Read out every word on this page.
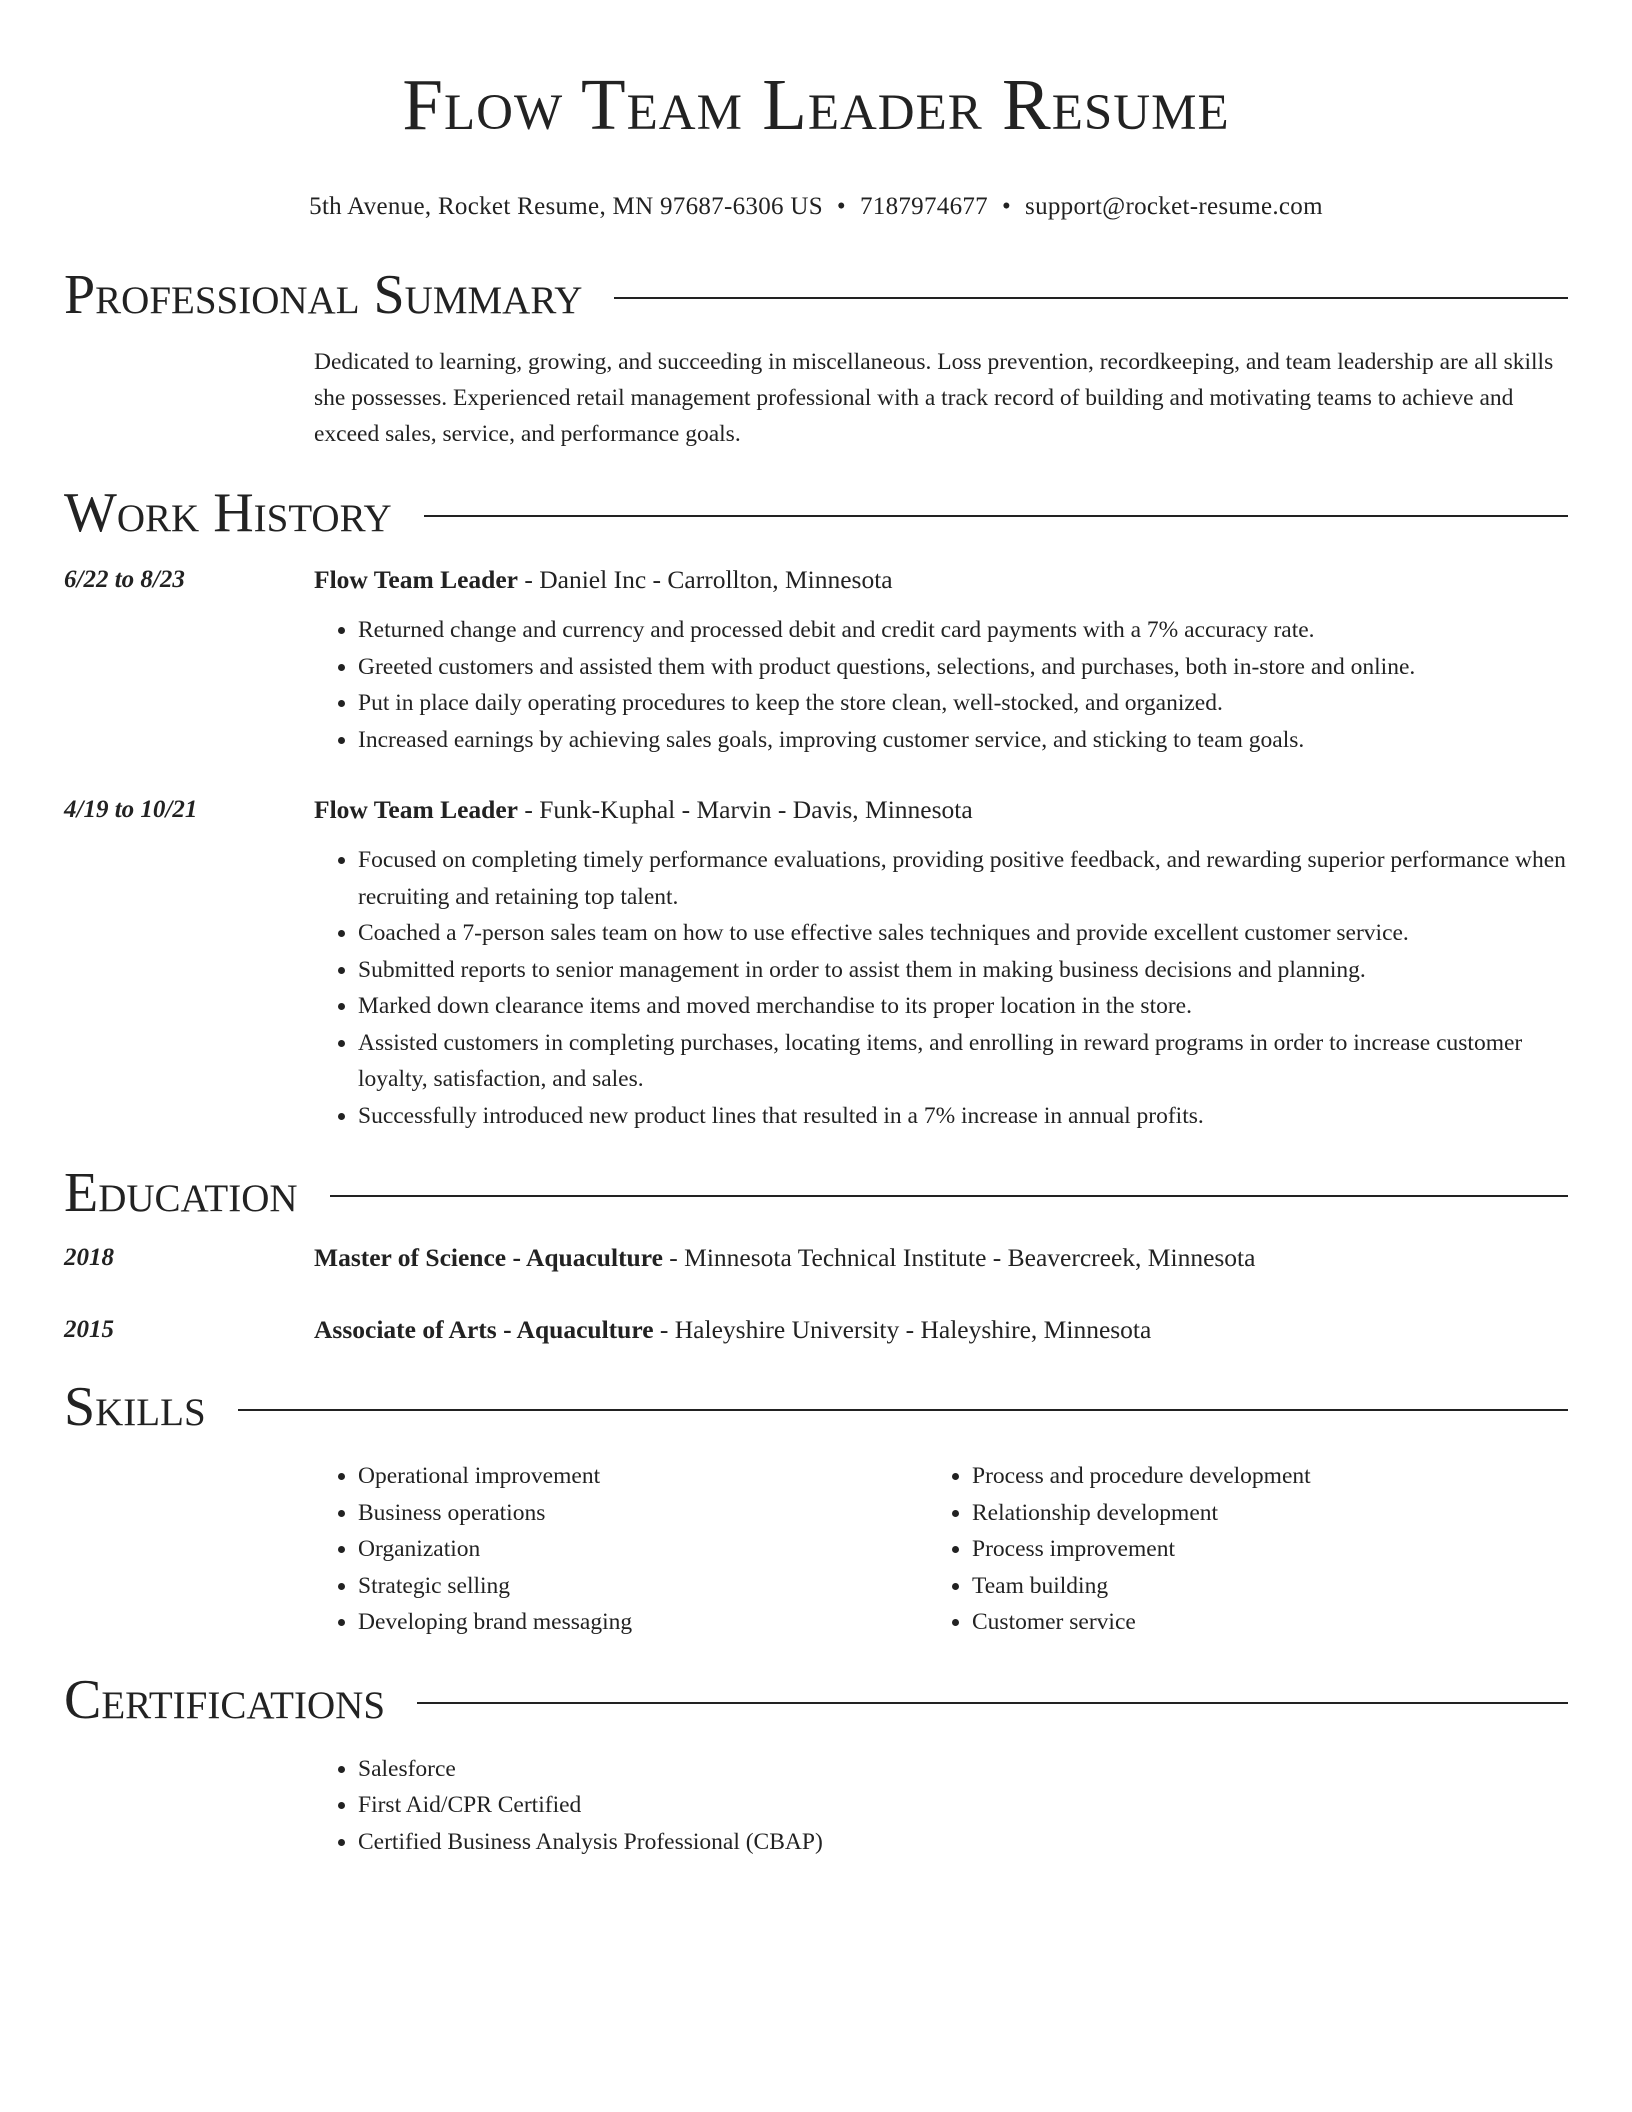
Flow Team Leader Resume
5th Avenue, Rocket Resume, MN 97687-6306 US • 7187974677 • support@rocket-resume.com
Professional Summary
Dedicated to learning, growing, and succeeding in miscellaneous. Loss prevention, recordkeeping, and team leadership are all skills she possesses. Experienced retail management professional with a track record of building and motivating teams to achieve and exceed sales, service, and performance goals.
Work History
6/22 to 8/23	Flow Team Leader - Daniel Inc - Carrollton, Minnesota
• Returned change and currency and processed debit and credit card payments with a 7% accuracy rate.
• Greeted customers and assisted them with product questions, selections, and purchases, both in-store and online.
• Put in place daily operating procedures to keep the store clean, well-stocked, and organized.
• Increased earnings by achieving sales goals, improving customer service, and sticking to team goals.
4/19 to 10/21	Flow Team Leader - Funk-Kuphal - Marvin - Davis, Minnesota
• Focused on completing timely performance evaluations, providing positive feedback, and rewarding superior performance when recruiting and retaining top talent.
• Coached a 7-person sales team on how to use effective sales techniques and provide excellent customer service.
• Submitted reports to senior management in order to assist them in making business decisions and planning.
• Marked down clearance items and moved merchandise to its proper location in the store.
• Assisted customers in completing purchases, locating items, and enrolling in reward programs in order to increase customer loyalty, satisfaction, and sales.
• Successfully introduced new product lines that resulted in a 7% increase in annual profits.
Education
2018	Master of Science - Aquaculture - Minnesota Technical Institute - Beavercreek, Minnesota
2015	Associate of Arts - Aquaculture - Haleyshire University - Haleyshire, Minnesota
Skills
• Operational improvement
• Business operations
• Organization
• Strategic selling
• Developing brand messaging
• Process and procedure development
• Relationship development
• Process improvement
• Team building
• Customer service
Certifications
• Salesforce
• First Aid/CPR Certified
• Certified Business Analysis Professional (CBAP)
